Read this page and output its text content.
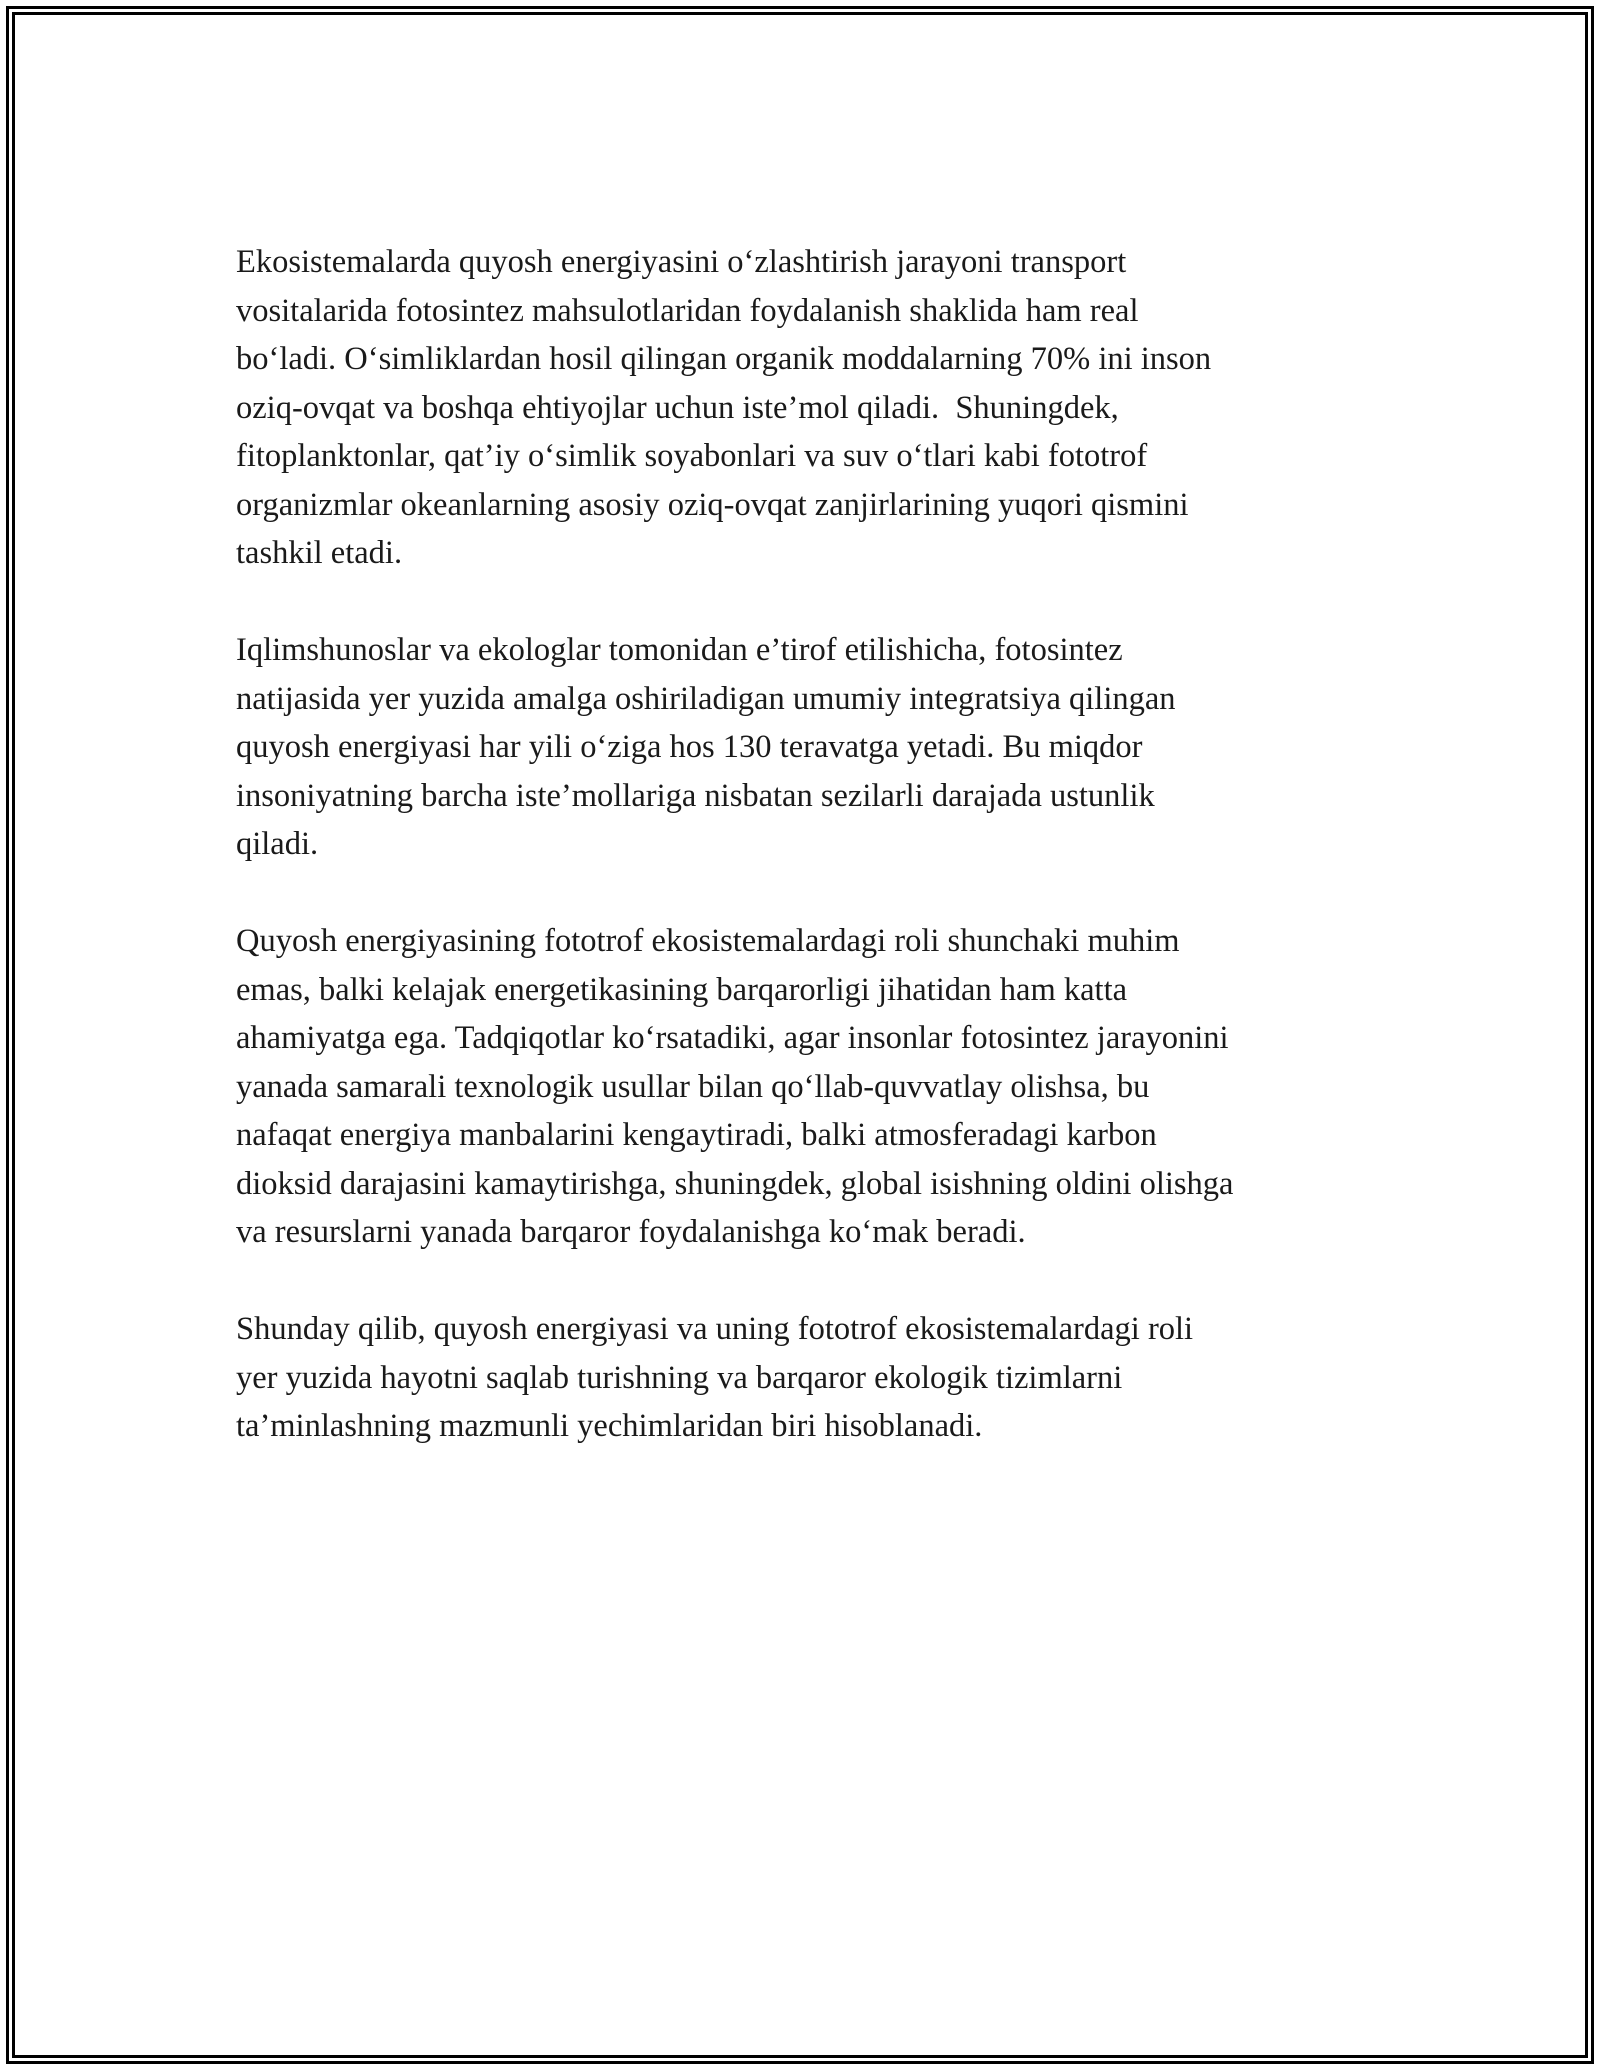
Ekosistemalarda quyosh energiyasini o‘zlashtirish jarayoni transport
vositalarida fotosintez mahsulotlaridan foydalanish shaklida ham real
bo‘ladi. O‘simliklardan hosil qilingan organik moddalarning 70% ini inson
oziq-ovqat va boshqa ehtiyojlar uchun iste’mol qiladi.  Shuningdek,
fitoplanktonlar, qat’iy o‘simlik soyabonlari va suv o‘tlari kabi fototrof
organizmlar okeanlarning asosiy oziq-ovqat zanjirlarining yuqori qismini
tashkil etadi.
Iqlimshunoslar va ekologlar tomonidan e’tirof etilishicha, fotosintez
natijasida yer yuzida amalga oshiriladigan umumiy integratsiya qilingan
quyosh energiyasi har yili o‘ziga hos 130 teravatga yetadi. Bu miqdor
insoniyatning barcha iste’mollariga nisbatan sezilarli darajada ustunlik
qiladi.
Quyosh energiyasining fototrof ekosistemalardagi roli shunchaki muhim
emas, balki kelajak energetikasining barqarorligi jihatidan ham katta
ahamiyatga ega. Tadqiqotlar ko‘rsatadiki, agar insonlar fotosintez jarayonini
yanada samarali texnologik usullar bilan qo‘llab-quvvatlay olishsa, bu
nafaqat energiya manbalarini kengaytiradi, balki atmosferadagi karbon
dioksid darajasini kamaytirishga, shuningdek, global isishning oldini olishga
va resurslarni yanada barqaror foydalanishga ko‘mak beradi.
Shunday qilib, quyosh energiyasi va uning fototrof ekosistemalardagi roli
yer yuzida hayotni saqlab turishning va barqaror ekologik tizimlarni
ta’minlashning mazmunli yechimlaridan biri hisoblanadi.
